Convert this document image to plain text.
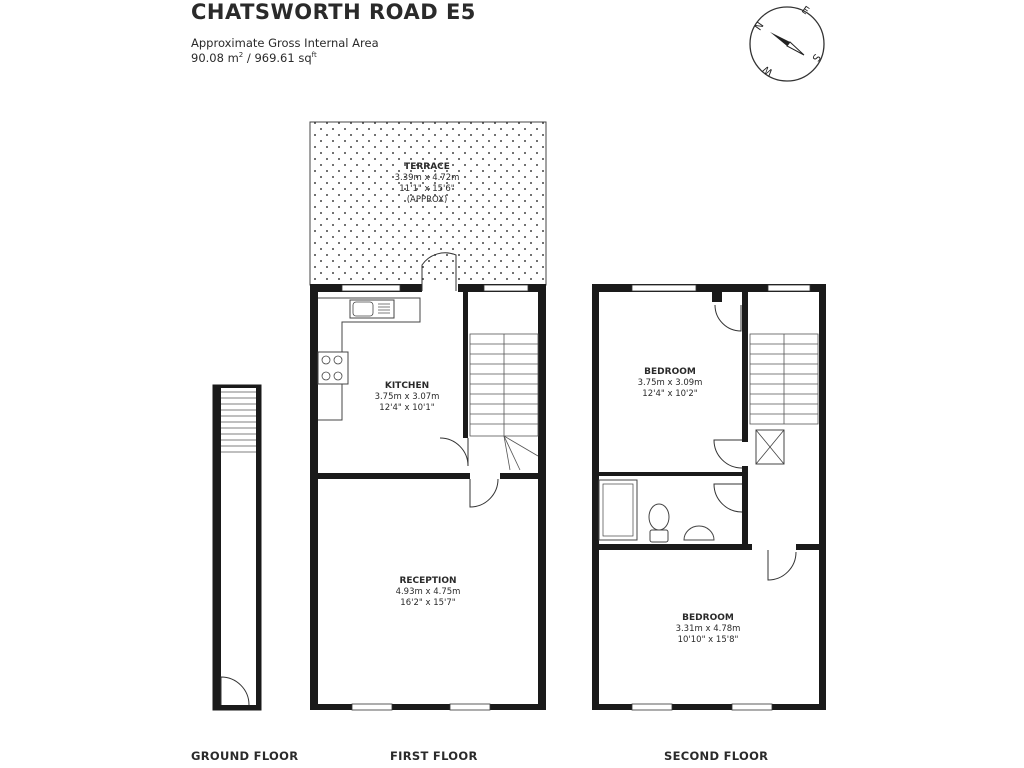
CHATSWORTH ROAD E5
Approximate Gross Internal Area
90.08 $m^2 / 969.61$ $sq^{ft}$
N
E
S
W
TERRACE
3.39m x 4.72m
11'1" x 15'6"
(APPROX)
KITCHEN
3.75m x 3.07m
12'4" x 10'1"
RECEPTION
4.93m x 4.75m
16'2" x 15'7"
BEDROOM
3.75m x 3.09m
12'4" x 10'2"
BEDROOM
3.31m x 4.78m
10'10" x 15'8"
GROUND FLOOR	FIRST FLOOR	SECOND FLOOR
